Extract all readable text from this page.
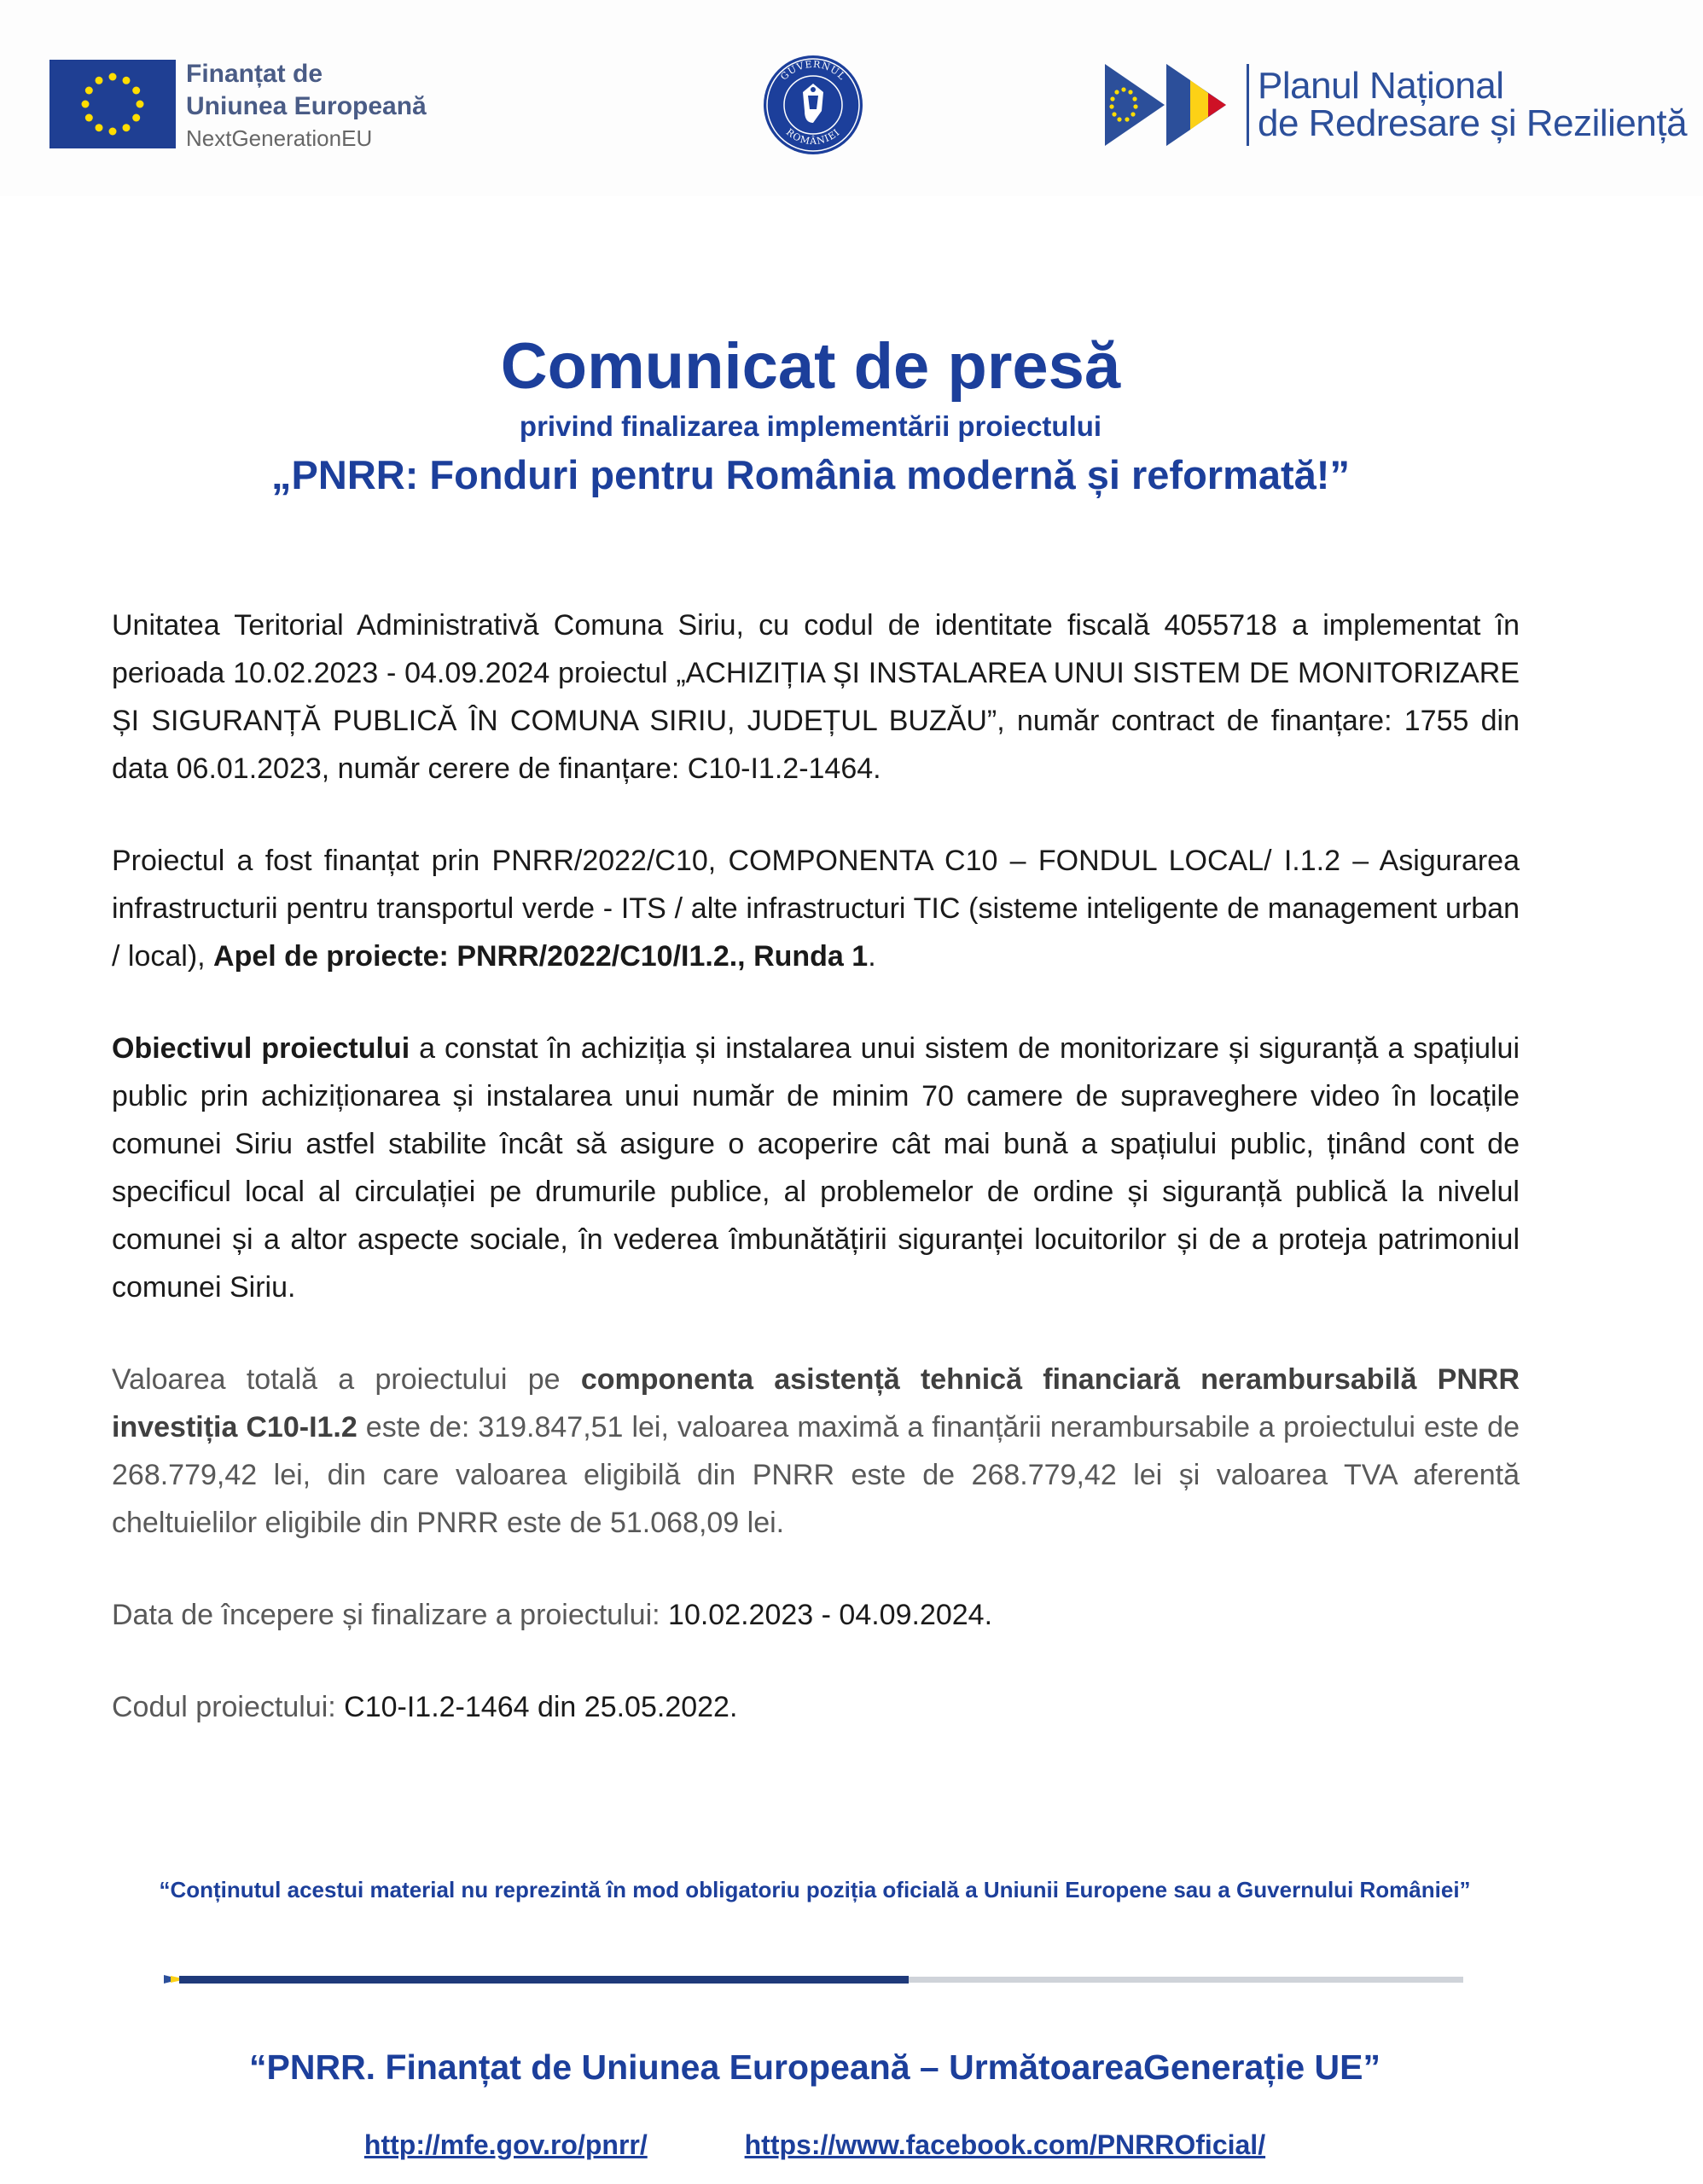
Finanțat de
Uniunea Europeană
NextGenerationEU
GUVERNUL
ROMÂNIEI
Planul Național
de Redresare și Reziliență
Comunicat de presă
privind finalizarea implementării proiectului
„PNRR: Fonduri pentru România modernă și reformată!”

Unitatea Teritorial Administrativă Comuna Siriu, cu codul de identitate fiscală 4055718 a implementat în perioada 10.02.2023 - 04.09.2024 proiectul „ACHIZIȚIA ȘI INSTALAREA UNUI SISTEM DE MONITORIZARE ȘI SIGURANȚĂ PUBLICĂ ÎN COMUNA SIRIU, JUDEȚUL BUZĂU”, număr contract de finanțare: 1755 din data 06.01.2023, număr cerere de finanțare: C10-I1.2-1464.

Proiectul a fost finanțat prin PNRR/2022/C10, COMPONENTA C10 – FONDUL LOCAL/ I.1.2 – Asigurarea infrastructurii pentru transportul verde - ITS / alte infrastructuri TIC (sisteme inteligente de management urban / local), Apel de proiecte: PNRR/2022/C10/I1.2., Runda 1.

Obiectivul proiectului a constat în achiziția și instalarea unui sistem de monitorizare și siguranță a spațiului public prin achiziționarea și instalarea unui număr de minim 70 camere de supraveghere video în locațile comunei Siriu astfel stabilite încât să asigure o acoperire cât mai bună a spațiului public, ținând cont de specificul local al circulației pe drumurile publice, al problemelor de ordine și siguranță publică la nivelul comunei și a altor aspecte sociale, în vederea îmbunătățirii siguranței locuitorilor și de a proteja patrimoniul comunei Siriu.

Valoarea totală a proiectului pe componenta asistență tehnică financiară nerambursabilă PNRR investiția C10-I1.2 este de: 319.847,51 lei, valoarea maximă a finanțării nerambursabile a proiectului este de 268.779,42 lei, din care valoarea eligibilă din PNRR este de 268.779,42 lei și valoarea TVA aferentă cheltuielilor eligibile din PNRR este de 51.068,09 lei.

Data de începere și finalizare a proiectului: 10.02.2023 - 04.09.2024.

Codul proiectului: C10-I1.2-1464 din 25.05.2022.

“Conținutul acestui material nu reprezintă în mod obligatoriu poziția oficială a Uniunii Europene sau a Guvernului României”
“PNRR. Finanțat de Uniunea Europeană – UrmătoareaGenerație UE”
http://mfe.gov.ro/pnrr/	https://www.facebook.com/PNRROficial/
